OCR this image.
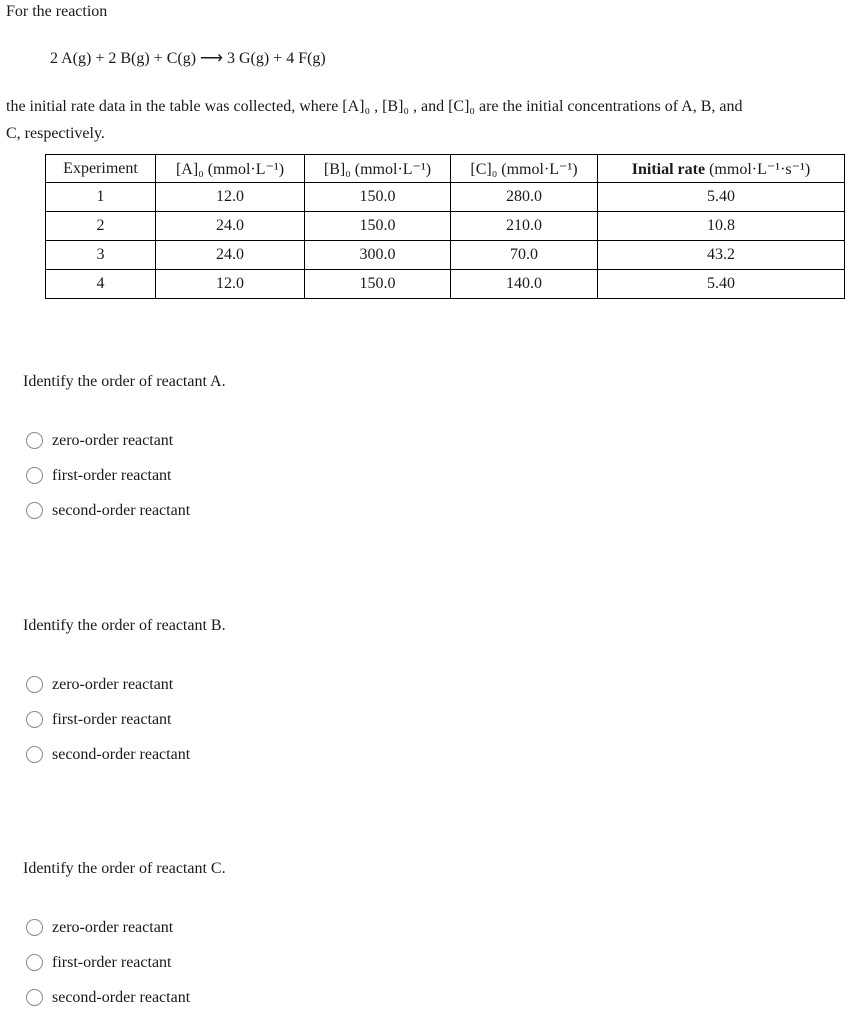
For the reaction
2 A(g) + 2 B(g) + C(g) ⟶ 3 G(g) + 4 F(g)
the initial rate data in the table was collected, where [A]₀ , [B]₀ , and [C]₀ are the initial concentrations of A, B, and
C, respectively.
Experiment	[A]₀ (mmol·L⁻¹)	[B]₀ (mmol·L⁻¹)	[C]₀ (mmol·L⁻¹)	Initial rate (mmol·L⁻¹·s⁻¹)
1	12.0	150.0	280.0	5.40
2	24.0	150.0	210.0	10.8
3	24.0	300.0	70.0	43.2
4	12.0	150.0	140.0	5.40
Identify the order of reactant A.
zero-order reactant
first-order reactant
second-order reactant
Identify the order of reactant B.
zero-order reactant
first-order reactant
second-order reactant
Identify the order of reactant C.
zero-order reactant
first-order reactant
second-order reactant
